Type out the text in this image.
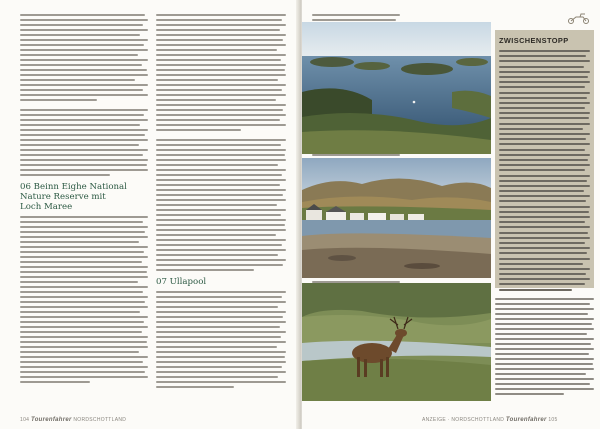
06 Beinn Eighe National
Nature Reserve mit
Loch Maree
07 Ullapool
104 Tourenfahrer NORDSCHOTTLAND	ANZEIGE · NORDSCHOTTLAND Tourenfahrer 105
ZWISCHENSTOPP
